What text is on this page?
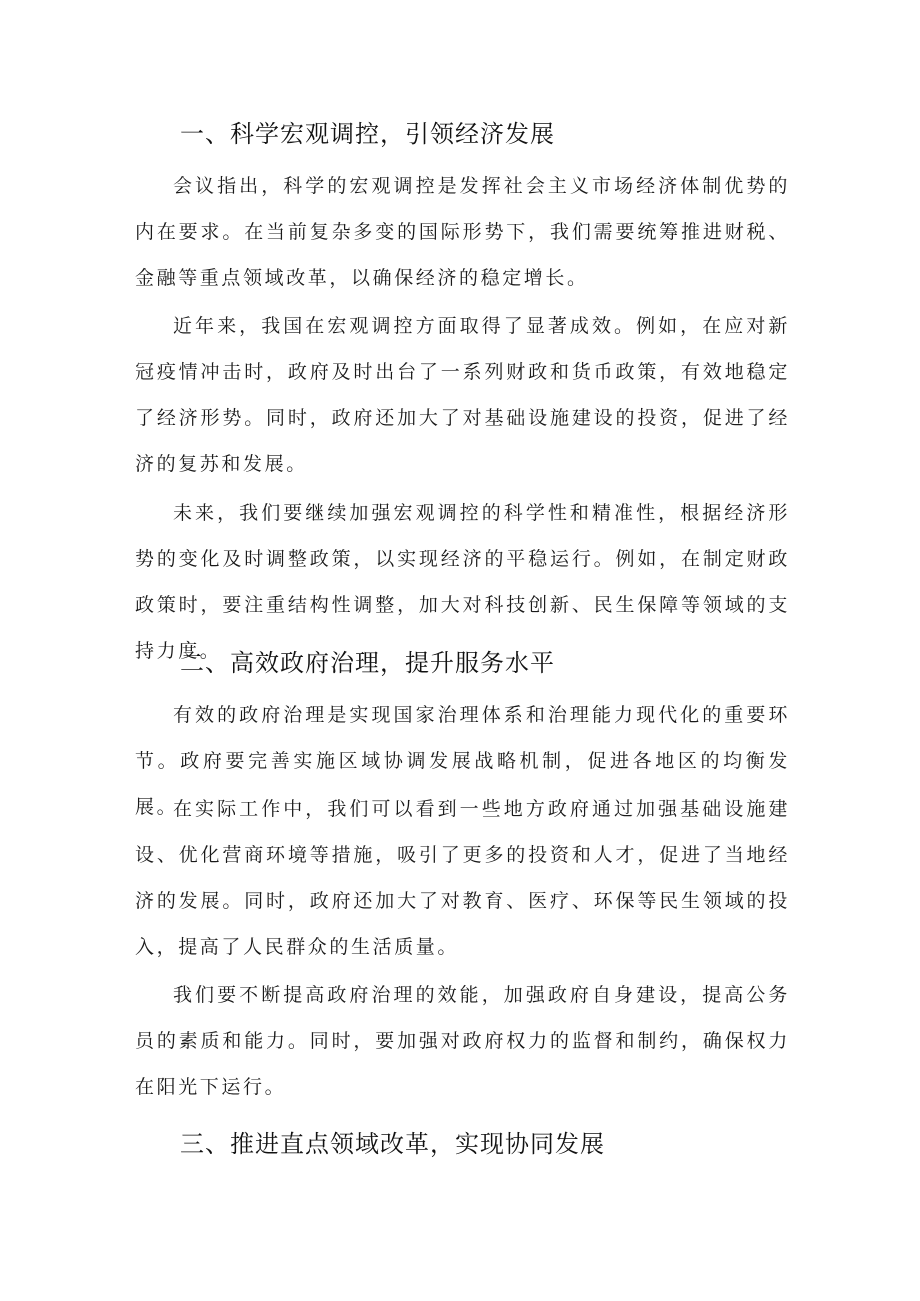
一、科学宏观调控，引领经济发展

会议指出，科学的宏观调控是发挥社会主义市场经济体制优势的内在要求。在当前复杂多变的国际形势下，我们需要统筹推进财税、金融等重点领域改革，以确保经济的稳定增长。

近年来，我国在宏观调控方面取得了显著成效。例如，在应对新冠疫情冲击时，政府及时出台了一系列财政和货币政策，有效地稳定了经济形势。同时，政府还加大了对基础设施建设的投资，促进了经济的复苏和发展。

未来，我们要继续加强宏观调控的科学性和精准性，根据经济形势的变化及时调整政策，以实现经济的平稳运行。例如，在制定财政政策时，要注重结构性调整，加大对科技创新、民生保障等领域的支持力度。

二、高效政府治理，提升服务水平

有效的政府治理是实现国家治理体系和治理能力现代化的重要环节。政府要完善实施区域协调发展战略机制，促进各地区的均衡发展。

在实际工作中，我们可以看到一些地方政府通过加强基础设施建设、优化营商环境等措施，吸引了更多的投资和人才，促进了当地经济的发展。同时，政府还加大了对教育、医疗、环保等民生领域的投入，提高了人民群众的生活质量。

我们要不断提高政府治理的效能，加强政府自身建设，提高公务员的素质和能力。同时，要加强对政府权力的监督和制约，确保权力在阳光下运行。

三、推进直点领域改革，实现协同发展
